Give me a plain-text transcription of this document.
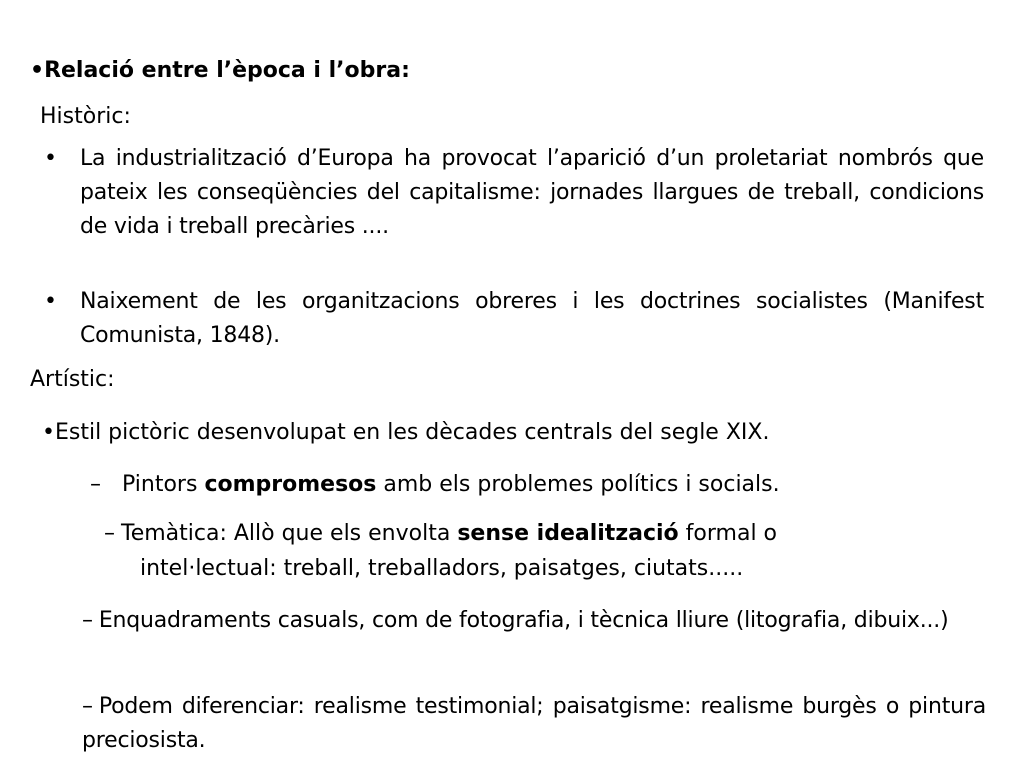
•Relació entre l’època i l’obra:
Històric:
• La industrialització d’Europa ha provocat l’aparició d’un proletariat nombrós que pateix les conseqüències del capitalisme: jornades llargues de treball, condicions de vida i treball precàries ....
• Naixement de les organitzacions obreres i les doctrines socialistes (Manifest Comunista, 1848).
Artístic:
•Estil pictòric desenvolupat en les dècades centrals del segle XIX.
– Pintors compromesos amb els problemes polítics i socials.
– Temàtica: Allò que els envolta sense idealització formal o
intel·lectual: treball, treballadors, paisatges, ciutats.....
– Enquadraments casuals, com de fotografia, i tècnica lliure (litografia, dibuix...)
– Podem diferenciar: realisme testimonial; paisatgisme: realisme burgès o pintura preciosista.
